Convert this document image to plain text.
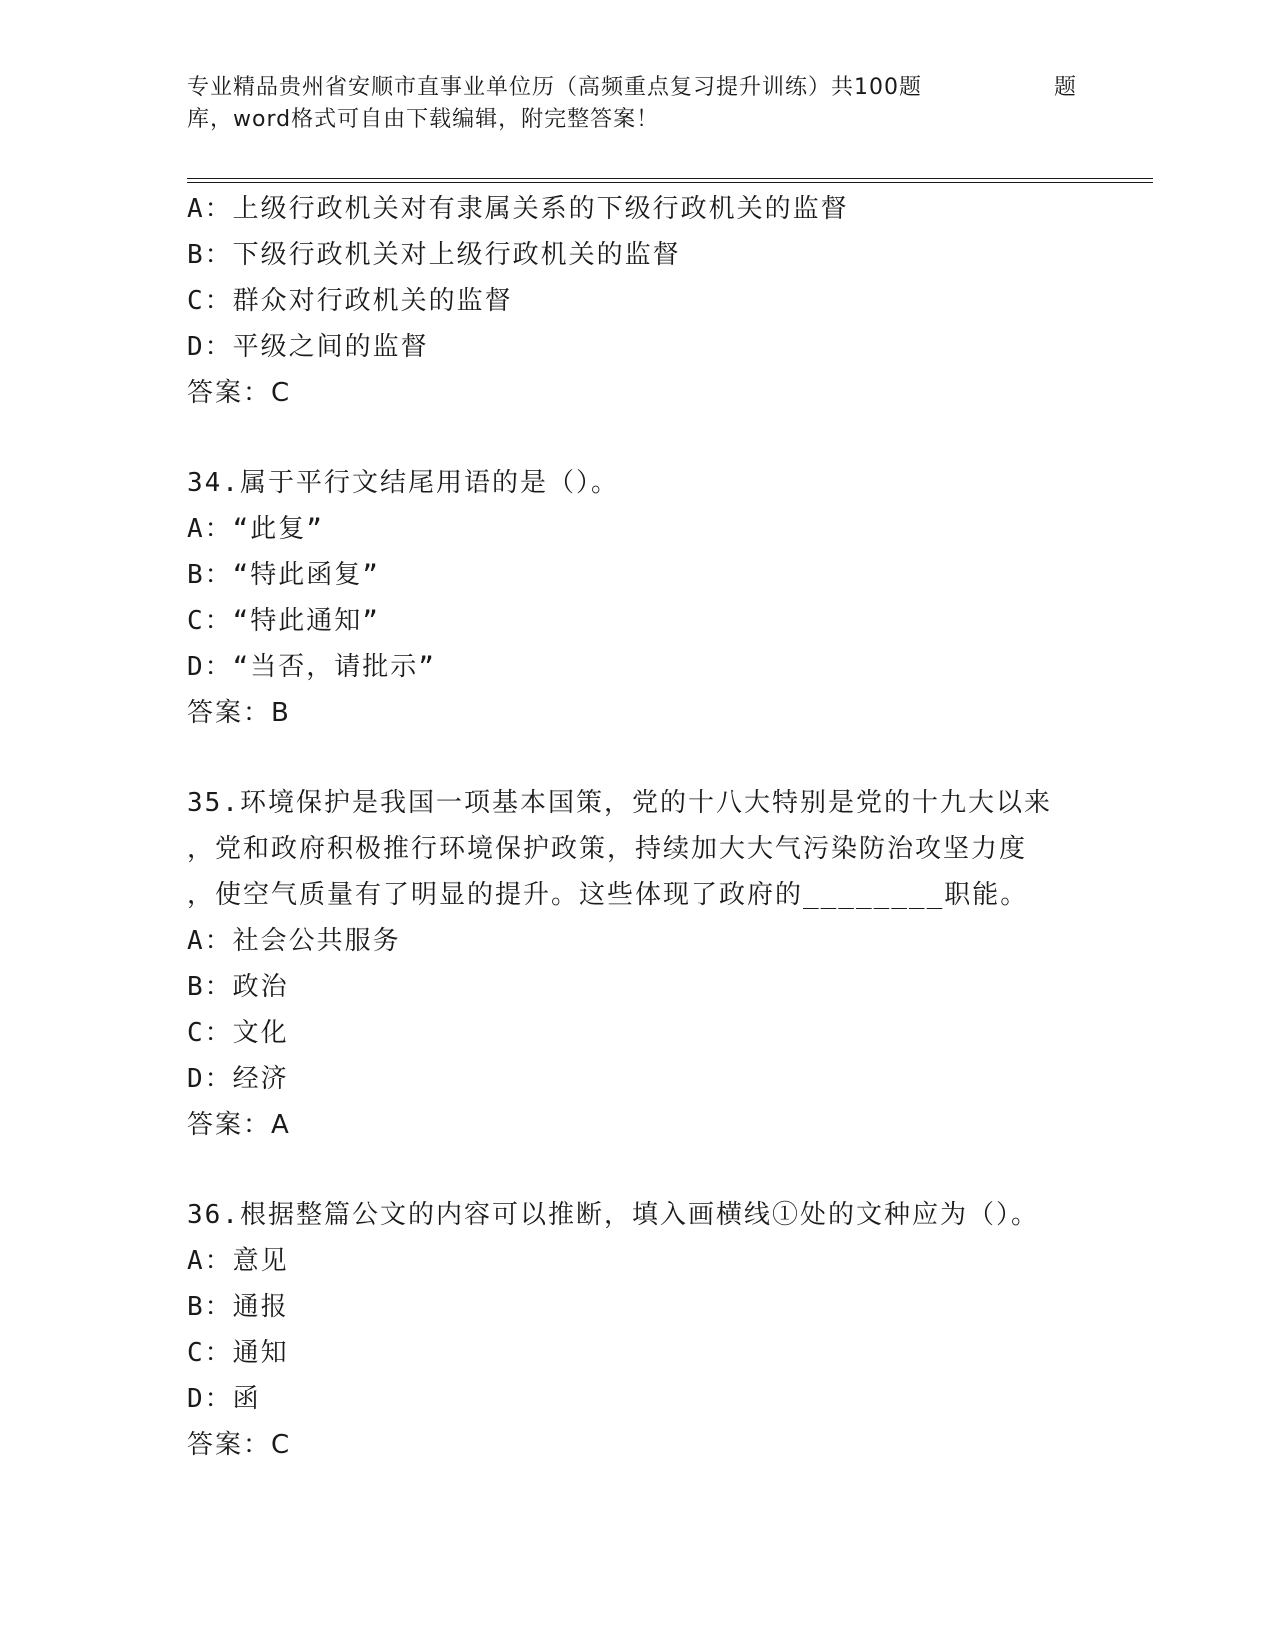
专业精品贵州省安顺市直事业单位历（高频重点复习提升训练）共100题	题
库，word格式可自由下载编辑，附完整答案！
A：上级行政机关对有隶属关系的下级行政机关的监督
B：下级行政机关对上级行政机关的监督
C：群众对行政机关的监督
D：平级之间的监督
答案：C
34.属于平行文结尾用语的是（）。
A：“此复”
B：“特此函复”
C：“特此通知”
D：“当否，请批示”
答案：B
35.环境保护是我国一项基本国策，党的十八大特别是党的十九大以来
，党和政府积极推行环境保护政策，持续加大大气污染防治攻坚力度
，使空气质量有了明显的提升。这些体现了政府的________职能。
A：社会公共服务
B：政治
C：文化
D：经济
答案：A
36.根据整篇公文的内容可以推断，填入画横线①处的文种应为（）。
A：意见
B：通报
C：通知
D：函
答案：C
